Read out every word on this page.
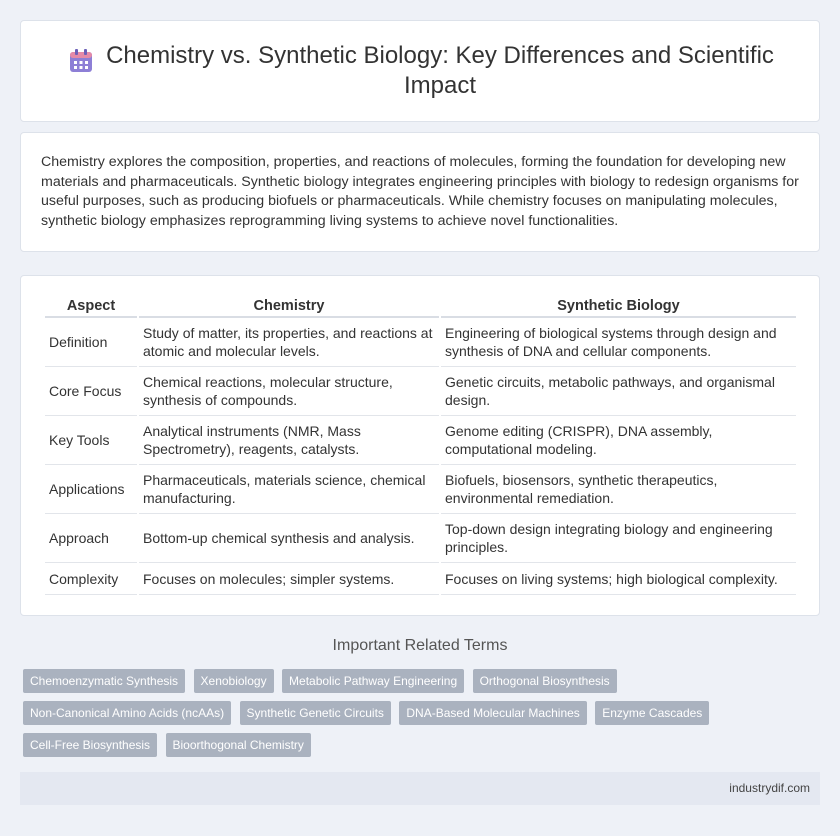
Chemistry vs. Synthetic Biology: Key Differences and Scientific Impact

Chemistry explores the composition, properties, and reactions of molecules, forming the foundation for developing new materials and pharmaceuticals. Synthetic biology integrates engineering principles with biology to redesign organisms for useful purposes, such as producing biofuels or pharmaceuticals. While chemistry focuses on manipulating molecules, synthetic biology emphasizes reprogramming living systems to achieve novel functionalities.

Aspect	Chemistry	Synthetic Biology
Definition	Study of matter, its properties, and reactions at atomic and molecular levels.	Engineering of biological systems through design and synthesis of DNA and cellular components.
Core Focus	Chemical reactions, molecular structure, synthesis of compounds.	Genetic circuits, metabolic pathways, and organismal design.
Key Tools	Analytical instruments (NMR, Mass Spectrometry), reagents, catalysts.	Genome editing (CRISPR), DNA assembly, computational modeling.
Applications	Pharmaceuticals, materials science, chemical manufacturing.	Biofuels, biosensors, synthetic therapeutics, environmental remediation.
Approach	Bottom-up chemical synthesis and analysis.	Top-down design integrating biology and engineering principles.
Complexity	Focuses on molecules; simpler systems.	Focuses on living systems; high biological complexity.
Important Related Terms
Chemoenzymatic Synthesis Xenobiology Metabolic Pathway Engineering Orthogonal Biosynthesis
Non-Canonical Amino Acids (ncAAs) Synthetic Genetic Circuits DNA-Based Molecular Machines Enzyme Cascades
Cell-Free Biosynthesis Bioorthogonal Chemistry
industrydif.com
